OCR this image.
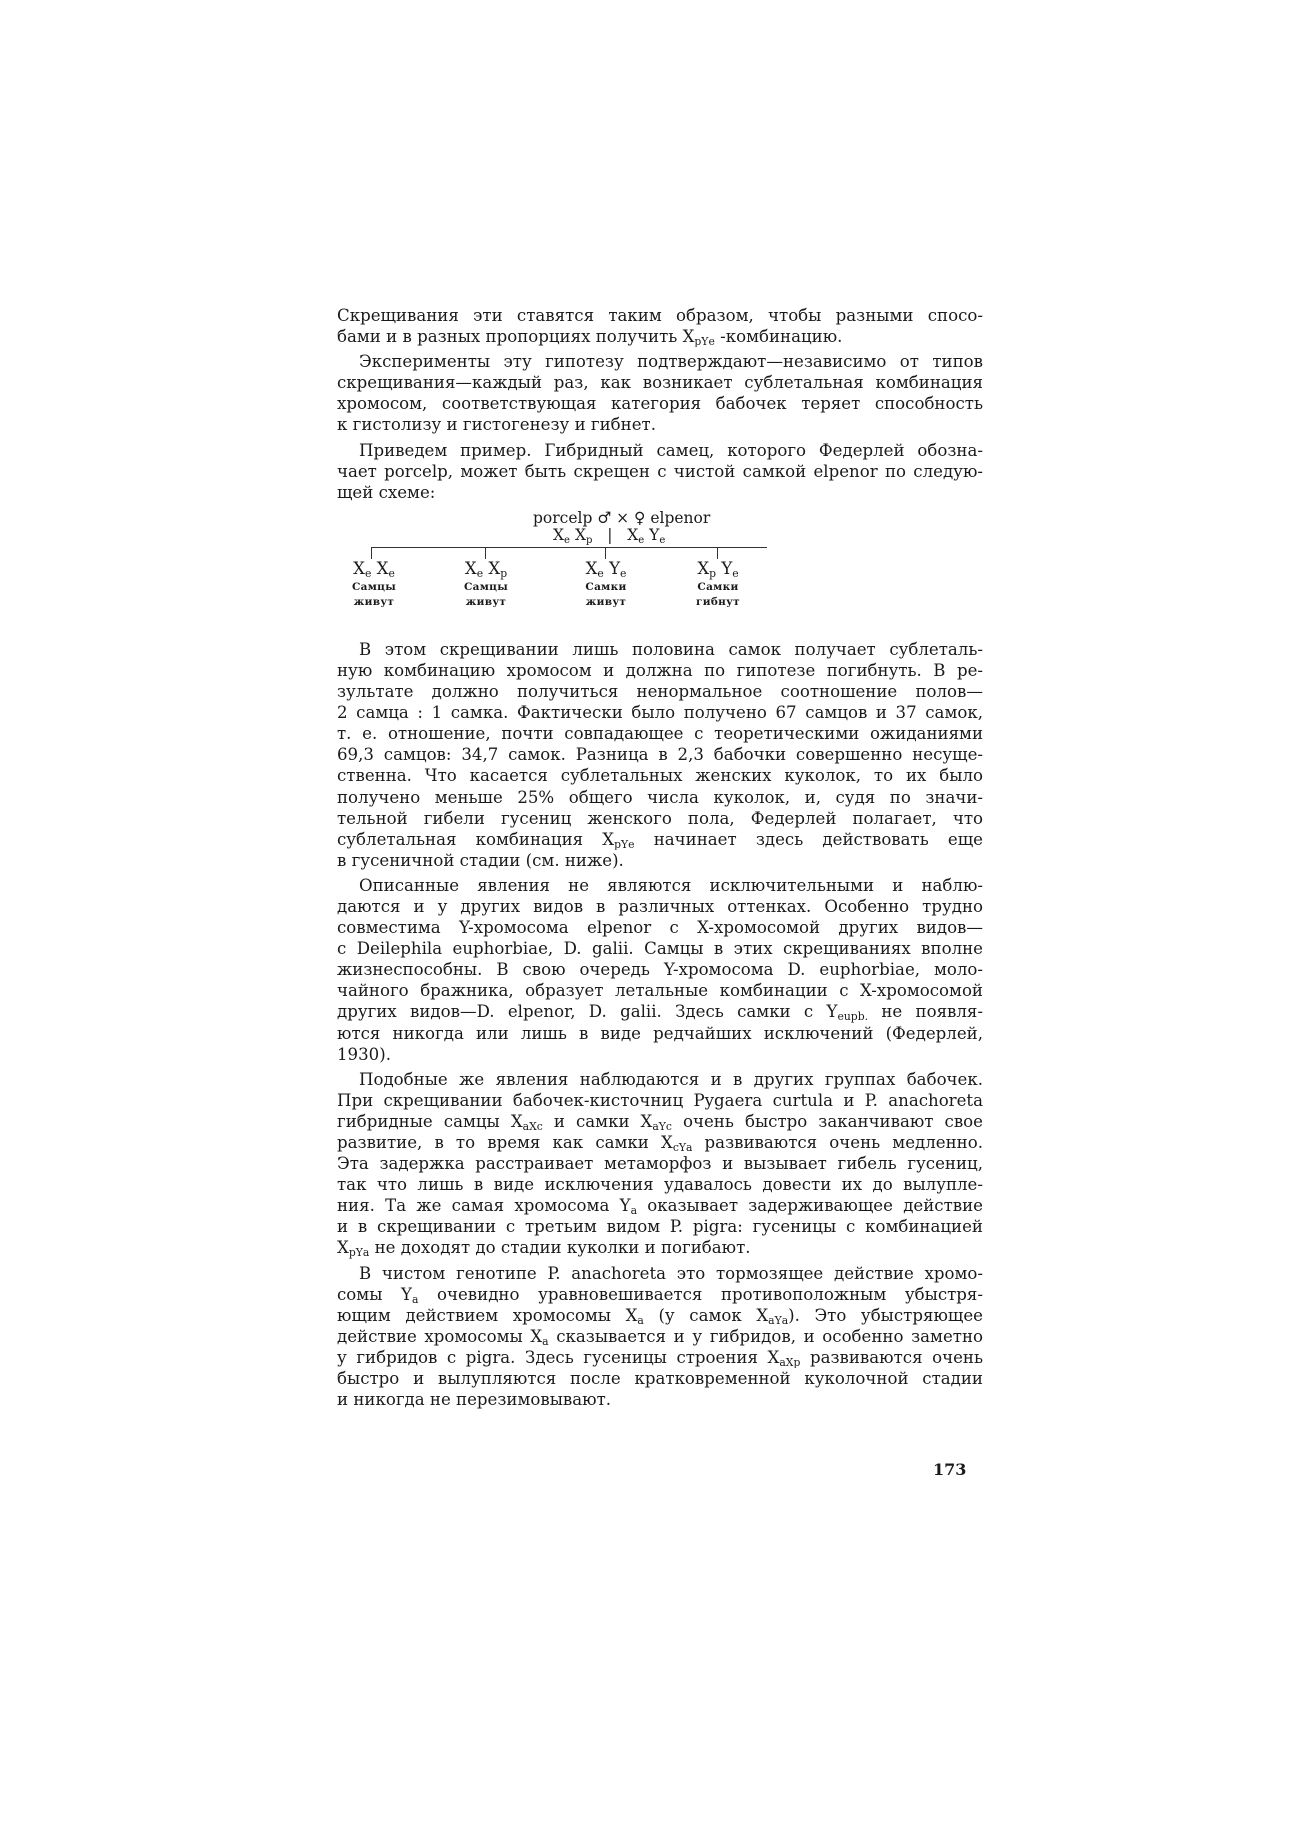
Скрещивания эти ставятся таким образом, чтобы разными спосо-
бами и в разных пропорциях получить $X_{pYe}$ -комбинацию.
Эксперименты эту гипотезу подтверждают—независимо от типов
скрещивания—каждый раз, как возникает сублетальная комбинация
хромосом, соответствующая категория бабочек теряет способность
к гистолизу и гистогенезу и гибнет.
Приведем пример. Гибридный самец, которого Федерлей обозна-
чает porcelp, может быть скрещен с чистой самкой elpenor по следую-
щей схеме:
porcelp ♂ × ♀ elpenor
$X_e$ $X_p$   |   $X_e$ $Y_e$
$X_e$ $X_e$
Самцы
живут
$X_e$ $X_p$
Самцы
живут
$X_e$ $Y_e$
Самки
живут
$X_p$ $Y_e$
Самки
гибнут
В этом скрещивании лишь половина самок получает сублеталь-
ную комбинацию хромосом и должна по гипотезе погибнуть. В ре-
зультате должно получиться ненормальное соотношение полов—
2 самца : 1 самка. Фактически было получено 67 самцов и 37 самок,
т. е. отношение, почти совпадающее с теоретическими ожиданиями
69,3 самцов: 34,7 самок. Разница в 2,3 бабочки совершенно несуще-
ственна. Что касается сублетальных женских куколок, то их было
получено меньше 25% общего числа куколок, и, судя по значи-
тельной гибели гусениц женского пола, Федерлей полагает, что
сублетальная комбинация $X_{pYe}$ начинает здесь действовать еще
в гусеничной стадии (см. ниже).
Описанные явления не являются исключительными и наблю-
даются и у других видов в различных оттенках. Особенно трудно
совместима Y-хромосома elpenor с X-хромосомой других видов—
с Deilephila euphorbiae, D. galii. Самцы в этих скрещиваниях вполне
жизнеспособны. В свою очередь Y-хромосома D. euphorbiae, моло-
чайного бражника, образует летальные комбинации с X-хромосомой
других видов—D. elpenor, D. galii. Здесь самки с $Y_{eupb.}$ не появля-
ются никогда или лишь в виде редчайших исключений (Федерлей,
1930).
Подобные же явления наблюдаются и в других группах бабочек.
При скрещивании бабочек-кисточниц Pygaera curtula и P. anachoreta
гибридные самцы $X_{aXc}$ и самки $X_{aYc}$ очень быстро заканчивают свое
развитие, в то время как самки $X_{cYa}$ развиваются очень медленно.
Эта задержка расстраивает метаморфоз и вызывает гибель гусениц,
так что лишь в виде исключения удавалось довести их до вылупле-
ния. Та же самая хромосома $Y_a$ оказывает задерживающее действие
и в скрещивании с третьим видом P. pigra: гусеницы с комбинацией
$X_{pYa}$ не доходят до стадии куколки и погибают.
В чистом генотипе P. anachoreta это тормозящее действие хромо-
сомы $Y_a$ очевидно уравновешивается противоположным убыстря-
ющим действием хромосомы $X_a$ (у самок $X_{aYa}$). Это убыстряющее
действие хромосомы $X_a$ сказывается и у гибридов, и особенно заметно
у гибридов с pigra. Здесь гусеницы строения $X_{aXp}$ развиваются очень
быстро и вылупляются после кратковременной куколочной стадии
и никогда не перезимовывают.
173
